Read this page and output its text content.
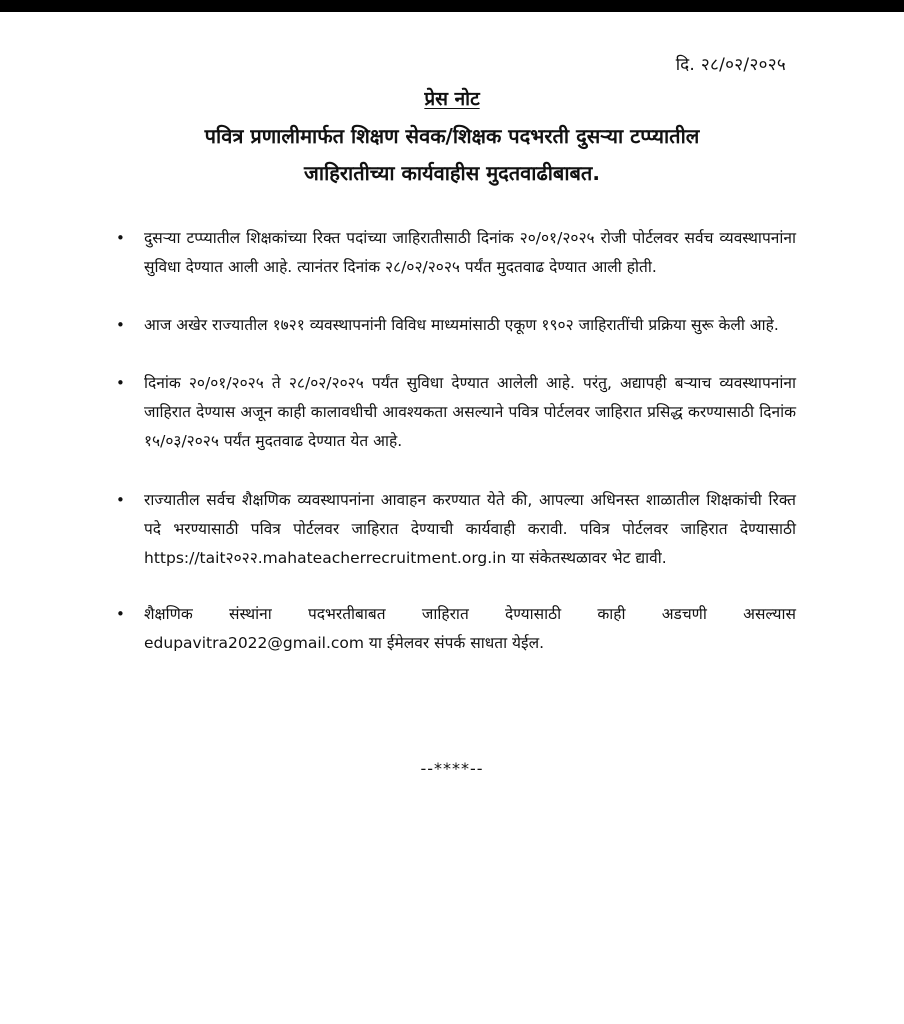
दि. २८/०२/२०२५
प्रेस नोट
पवित्र प्रणालीमार्फत शिक्षण सेवक/शिक्षक पदभरती दुसऱ्या टप्प्यातील
जाहिरातीच्या कार्यवाहीस मुदतवाढीबाबत.
• दुसऱ्या टप्प्यातील शिक्षकांच्या रिक्त पदांच्या जाहिरातीसाठी दिनांक २०/०१/२०२५ रोजी पोर्टलवर सर्वच व्यवस्थापनांना सुविधा देण्यात आली आहे. त्यानंतर दिनांक २८/०२/२०२५ पर्यंत मुदतवाढ देण्यात आली होती.
• आज अखेर राज्यातील १७२१ व्यवस्थापनांनी विविध माध्यमांसाठी एकूण १९०२ जाहिरातींची प्रक्रिया सुरू केली आहे.
• दिनांक २०/०१/२०२५ ते २८/०२/२०२५ पर्यंत सुविधा देण्यात आलेली आहे. परंतु, अद्यापही बऱ्याच व्यवस्थापनांना जाहिरात देण्यास अजून काही कालावधीची आवश्यकता असल्याने पवित्र पोर्टलवर जाहिरात प्रसिद्ध करण्यासाठी दिनांक १५/०३/२०२५ पर्यंत मुदतवाढ देण्यात येत आहे.
• राज्यातील सर्वच शैक्षणिक व्यवस्थापनांना आवाहन करण्यात येते की, आपल्या अधिनस्त शाळातील शिक्षकांची रिक्त पदे भरण्यासाठी पवित्र पोर्टलवर जाहिरात देण्याची कार्यवाही करावी. पवित्र पोर्टलवर जाहिरात देण्यासाठी https://tait२०२२.mahateacherrecruitment.org.in या संकेतस्थळावर भेट द्यावी.
• शैक्षणिक संस्थांना पदभरतीबाबत जाहिरात देण्यासाठी काही अडचणी असल्यास edupavitra2022@gmail.com या ईमेलवर संपर्क साधता येईल.
--****--
